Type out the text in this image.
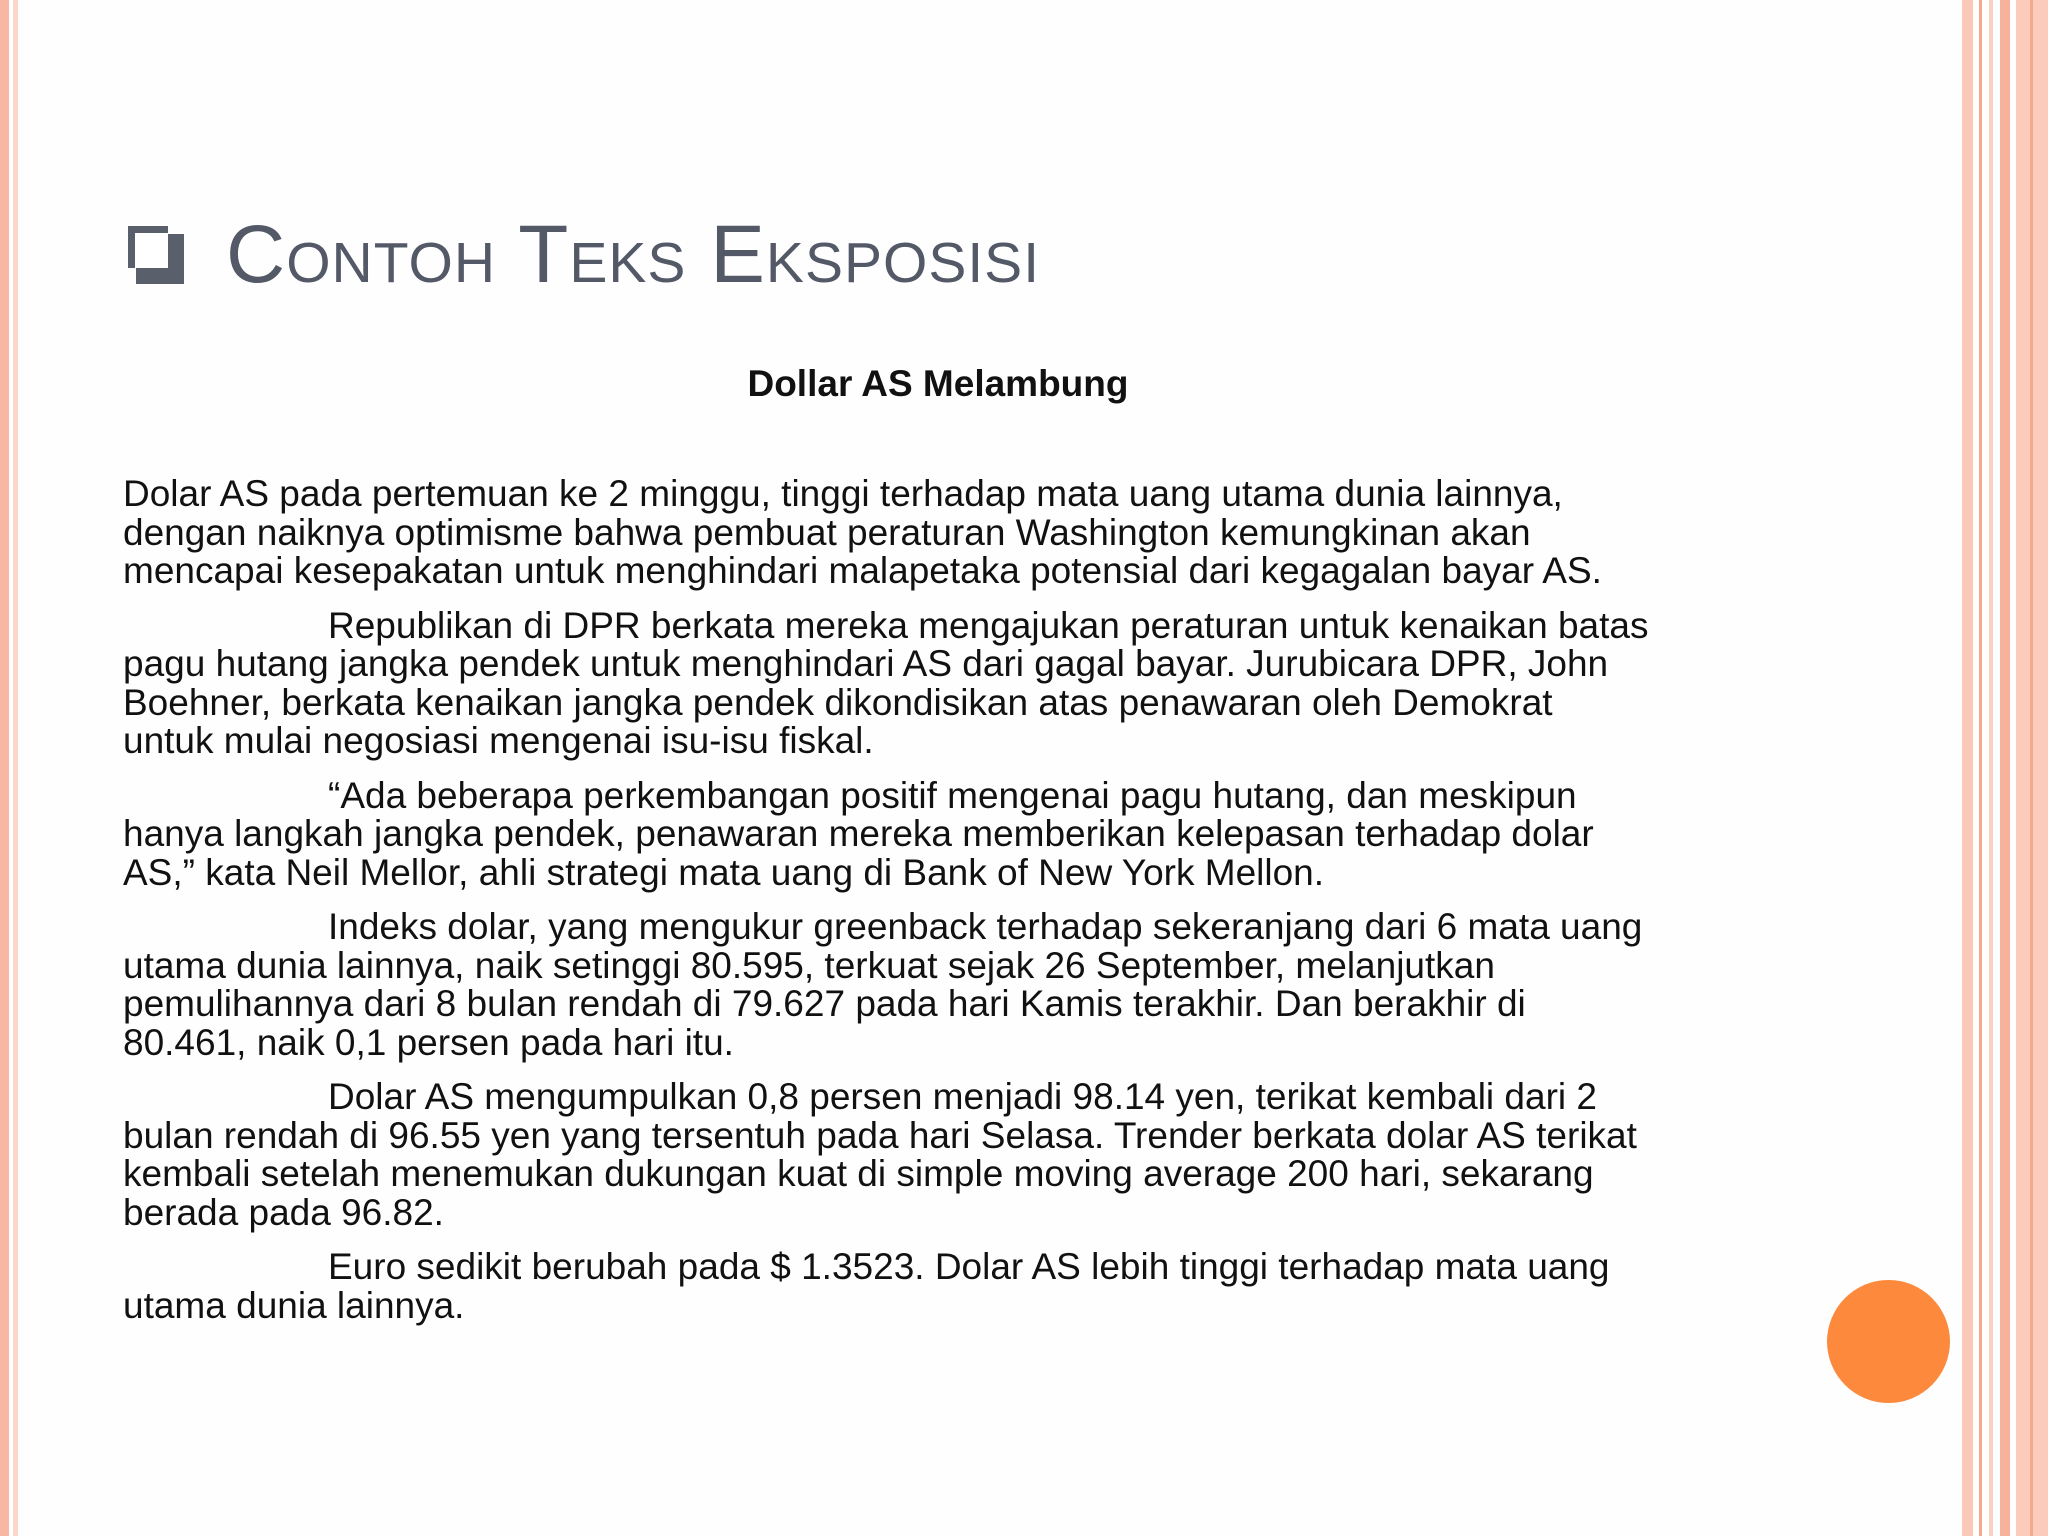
Contoh Teks Eksposisi
Dollar AS Melambung

Dolar AS pada pertemuan ke 2 minggu, tinggi terhadap mata uang utama dunia lainnya,
dengan naiknya optimisme bahwa pembuat peraturan Washington kemungkinan akan
mencapai kesepakatan untuk menghindari malapetaka potensial dari kegagalan bayar AS.

Republikan di DPR berkata mereka mengajukan peraturan untuk kenaikan batas
pagu hutang jangka pendek untuk menghindari AS dari gagal bayar. Jurubicara DPR, John
Boehner, berkata kenaikan jangka pendek dikondisikan atas penawaran oleh Demokrat
untuk mulai negosiasi mengenai isu-isu fiskal.

“Ada beberapa perkembangan positif mengenai pagu hutang, dan meskipun
hanya langkah jangka pendek, penawaran mereka memberikan kelepasan terhadap dolar
AS,” kata Neil Mellor, ahli strategi mata uang di Bank of New York Mellon.

Indeks dolar, yang mengukur greenback terhadap sekeranjang dari 6 mata uang
utama dunia lainnya, naik setinggi 80.595, terkuat sejak 26 September, melanjutkan
pemulihannya dari 8 bulan rendah di 79.627 pada hari Kamis terakhir. Dan berakhir di
80.461, naik 0,1 persen pada hari itu.

Dolar AS mengumpulkan 0,8 persen menjadi 98.14 yen, terikat kembali dari 2
bulan rendah di 96.55 yen yang tersentuh pada hari Selasa. Trender berkata dolar AS terikat
kembali setelah menemukan dukungan kuat di simple moving average 200 hari, sekarang
berada pada 96.82.

Euro sedikit berubah pada $ 1.3523. Dolar AS lebih tinggi terhadap mata uang
utama dunia lainnya.
